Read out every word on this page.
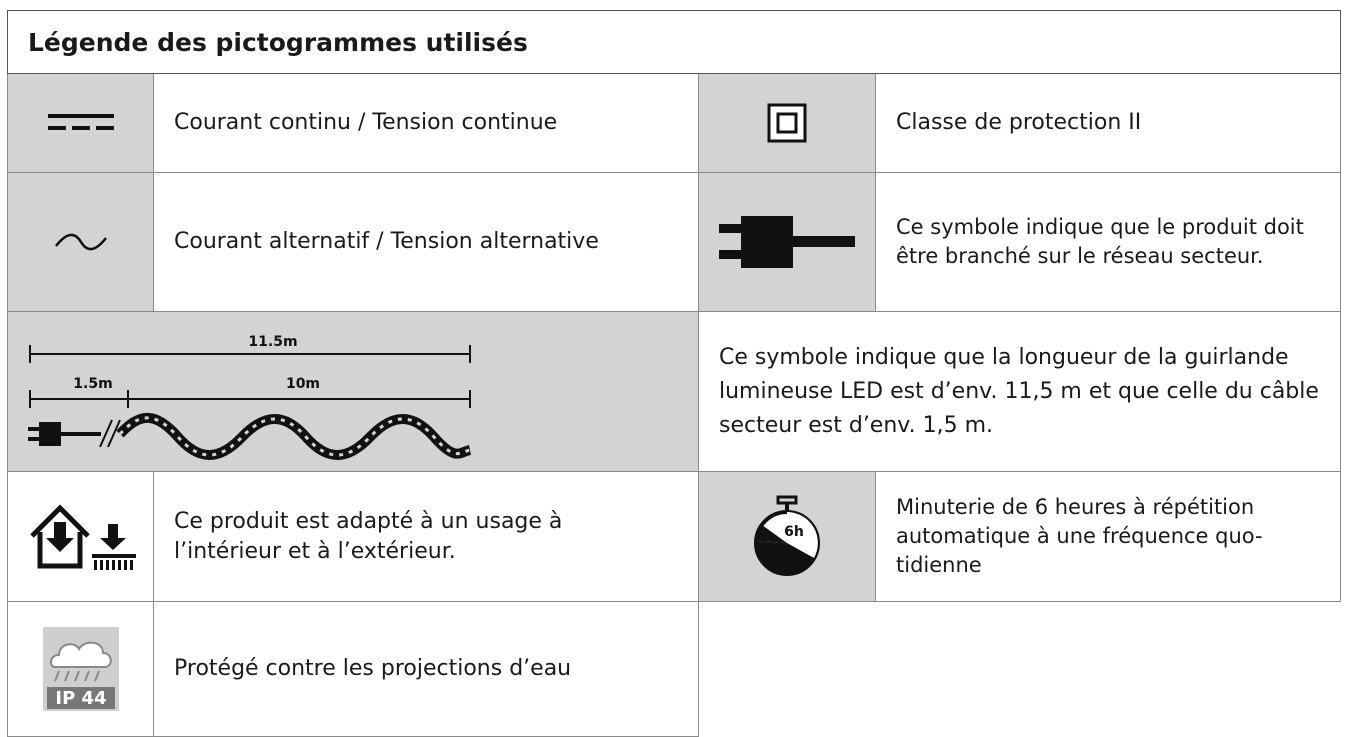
Légende des pictogrammes utilisés
Courant continu / Tension continue	Classe de protection II
Courant alternatif / Tension alternative
Ce symbole indique que le produit doit être branché sur le réseau secteur.
11.5m
1.5m	10m
Ce symbole indique que la longueur de la guirlande lumineuse LED est d’env. 11,5 m et que celle du câble secteur est d’env. 1,5 m.
Ce produit est adapté à un usage à l’intérieur et à l’extérieur.
6h
Minuterie de 6 heures à répétition automatique à une fréquence quo-tidienne
IP 44
Protégé contre les projections d’eau
